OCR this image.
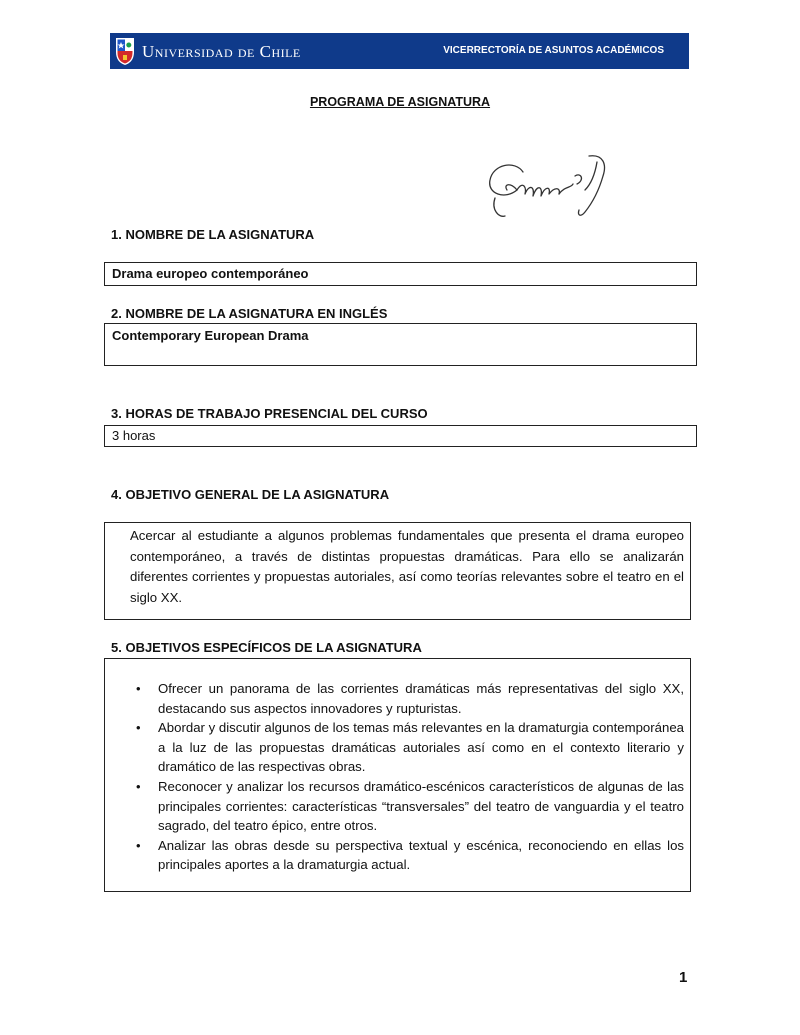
Universidad de Chile	VICERRECTORÍA DE ASUNTOS ACADÉMICOS
PROGRAMA DE ASIGNATURA
1. NOMBRE DE LA ASIGNATURA
Drama europeo contemporáneo
2. NOMBRE DE LA ASIGNATURA EN INGLÉS
Contemporary European Drama
3. HORAS DE TRABAJO PRESENCIAL DEL CURSO
3 horas
4. OBJETIVO GENERAL DE LA ASIGNATURA

Acercar al estudiante a algunos problemas fundamentales que presenta el drama europeo contemporáneo, a través de distintas propuestas dramáticas. Para ello se analizarán diferentes corrientes y propuestas autoriales, así como teorías relevantes sobre el teatro en el siglo XX.

5. OBJETIVOS ESPECÍFICOS DE LA ASIGNATURA
• Ofrecer un panorama de las corrientes dramáticas más representativas del siglo XX, destacando sus aspectos innovadores y rupturistas.
• Abordar y discutir algunos de los temas más relevantes en la dramaturgia contemporánea a la luz de las propuestas dramáticas autoriales así como en el contexto literario y dramático de las respectivas obras.
• Reconocer y analizar los recursos dramático-escénicos característicos de algunas de las principales corrientes: características “transversales” del teatro de vanguardia y el teatro sagrado, del teatro épico, entre otros.
• Analizar las obras desde su perspectiva textual y escénica, reconociendo en ellas los principales aportes a la dramaturgia actual.
1
